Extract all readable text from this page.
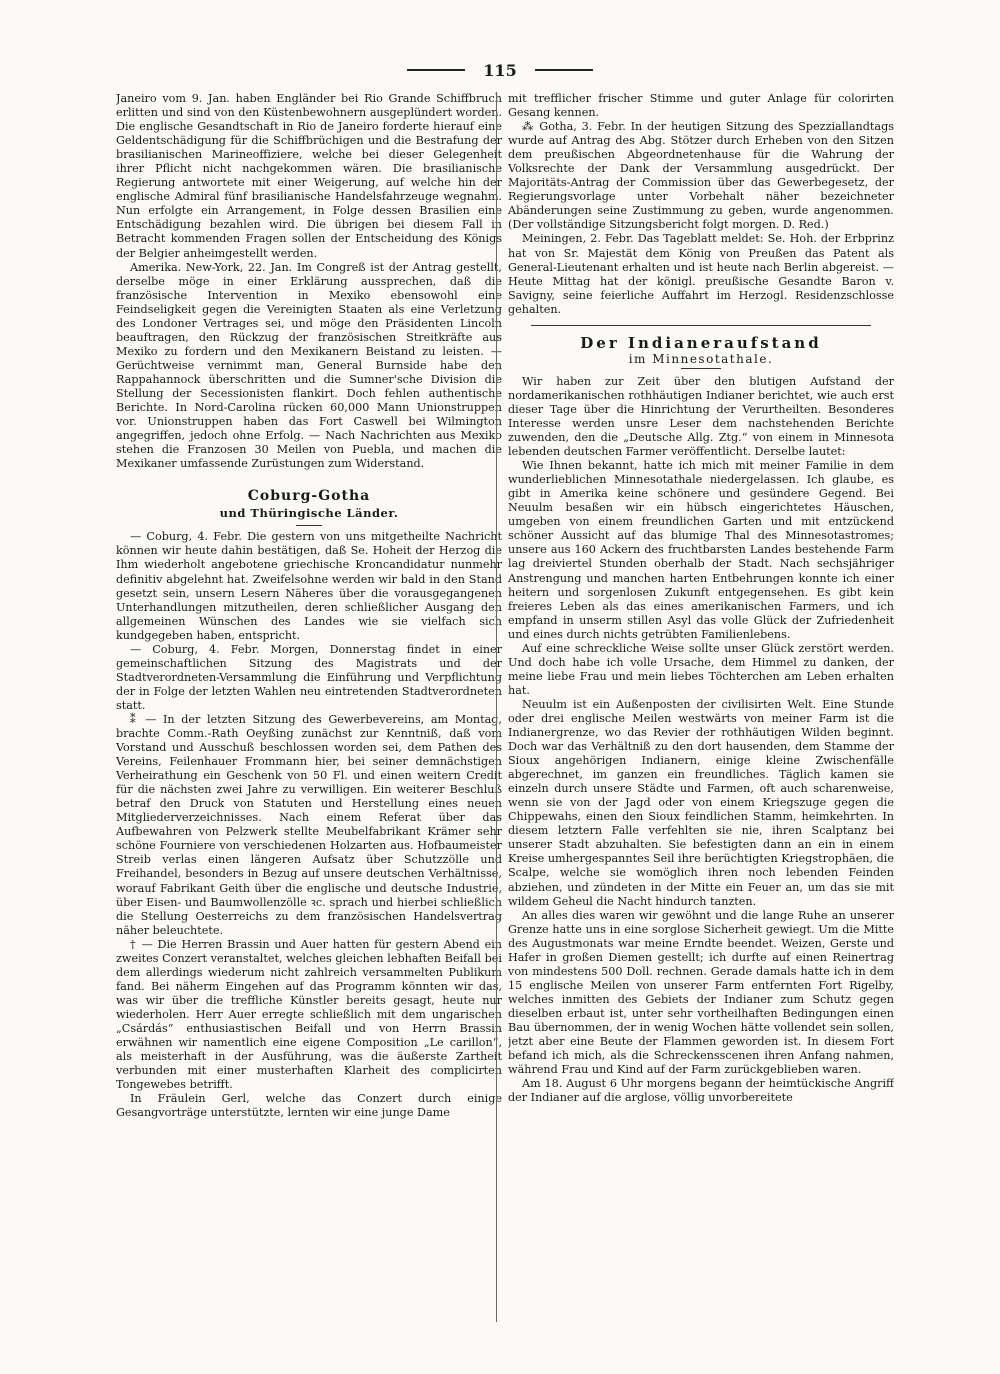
115

Janeiro vom 9. Jan. haben Engländer bei Rio Grande Schiffbruch erlitten und sind von den Küstenbewohnern ausgeplündert worden. Die englische Gesandtschaft in Rio de Janeiro forderte hierauf eine Geldentschädigung für die Schiffbrüchigen und die Bestrafung der brasilianischen Marineoffiziere, welche bei dieser Gelegenheit ihrer Pflicht nicht nachgekommen wären. Die brasilianische Regierung antwortete mit einer Weigerung, auf welche hin der englische Admiral fünf brasilianische Handelsfahrzeuge wegnahm. Nun erfolgte ein Arrangement, in Folge dessen Brasilien eine Entschädigung bezahlen wird. Die übrigen bei diesem Fall in Betracht kommenden Fragen sollen der Entscheidung des Königs der Belgier anheimgestellt werden.

Amerika. New-York, 22. Jan. Im Congreß ist der Antrag gestellt, derselbe möge in einer Erklärung aussprechen, daß die französische Intervention in Mexiko ebensowohl eine Feindseligkeit gegen die Vereinigten Staaten als eine Verletzung des Londoner Vertrages sei, und möge den Präsidenten Lincoln beauftragen, den Rückzug der französischen Streitkräfte aus Mexiko zu fordern und den Mexikanern Beistand zu leisten. — Gerüchtweise vernimmt man, General Burnside habe den Rappahannock überschritten und die Sumner'sche Division die Stellung der Secessionisten flankirt. Doch fehlen authentische Berichte. In Nord-Carolina rücken 60,000 Mann Unionstruppen vor. Unionstruppen haben das Fort Caswell bei Wilmington angegriffen, jedoch ohne Erfolg. — Nach Nachrichten aus Mexiko stehen die Franzosen 30 Meilen von Puebla, und machen die Mexikaner umfassende Zurüstungen zum Widerstand.

Coburg-Gotha
und Thüringische Länder.

— Coburg, 4. Febr. Die gestern von uns mitgetheilte Nachricht können wir heute dahin bestätigen, daß Se. Hoheit der Herzog die Ihm wiederholt angebotene griechische Kroncandidatur nunmehr definitiv abgelehnt hat. Zweifelsohne werden wir bald in den Stand gesetzt sein, unsern Lesern Näheres über die vorausgegangenen Unterhandlungen mitzutheilen, deren schließlicher Ausgang den allgemeinen Wünschen des Landes wie sie vielfach sich kundgegeben haben, entspricht.

— Coburg, 4. Febr. Morgen, Donnerstag findet in einer gemeinschaftlichen Sitzung des Magistrats und der Stadtverordneten-Versammlung die Einführung und Verpflichtung der in Folge der letzten Wahlen neu eintretenden Stadtverordneten statt.

⁑ — In der letzten Sitzung des Gewerbevereins, am Montag, brachte Comm.-Rath Oeyßing zunächst zur Kenntniß, daß vom Vorstand und Ausschuß beschlossen worden sei, dem Pathen des Vereins, Feilenhauer Frommann hier, bei seiner demnächstigen Verheirathung ein Geschenk von 50 Fl. und einen weitern Credit für die nächsten zwei Jahre zu verwilligen. Ein weiterer Beschluß betraf den Druck von Statuten und Herstellung eines neuen Mitgliederverzeichnisses. Nach einem Referat über das Aufbewahren von Pelzwerk stellte Meubelfabrikant Krämer sehr schöne Fourniere von verschiedenen Holzarten aus. Hofbaumeister Streib verlas einen längeren Aufsatz über Schutzzölle und Freihandel, besonders in Bezug auf unsere deutschen Verhältnisse, worauf Fabrikant Geith über die englische und deutsche Industrie, über Eisen- und Baumwollenzölle ꝛc. sprach und hierbei schließlich die Stellung Oesterreichs zu dem französischen Handelsvertrag näher beleuchtete.

† — Die Herren Brassin und Auer hatten für gestern Abend ein zweites Conzert veranstaltet, welches gleichen lebhaften Beifall bei dem allerdings wiederum nicht zahlreich versammelten Publikum fand. Bei näherm Eingehen auf das Programm könnten wir das, was wir über die treffliche Künstler bereits gesagt, heute nur wiederholen. Herr Auer erregte schließlich mit dem ungarischen „Csárdás“ enthusiastischen Beifall und von Herrn Brassin erwähnen wir namentlich eine eigene Composition „Le carillon“, als meisterhaft in der Ausführung, was die äußerste Zartheit verbunden mit einer musterhaften Klarheit des complicirten Tongewebes betrifft.

In Fräulein Gerl, welche das Conzert durch einige Gesangvorträge unterstützte, lernten wir eine junge Dame

mit trefflicher frischer Stimme und guter Anlage für colorirten Gesang kennen.

⁂ Gotha, 3. Febr. In der heutigen Sitzung des Spezziallandtags wurde auf Antrag des Abg. Stötzer durch Erheben von den Sitzen dem preußischen Abgeordnetenhause für die Wahrung der Volksrechte der Dank der Versammlung ausgedrückt. Der Majoritäts-Antrag der Commission über das Gewerbegesetz, der Regierungsvorlage unter Vorbehalt näher bezeichneter Abänderungen seine Zustimmung zu geben, wurde angenommen. (Der vollständige Sitzungsbericht folgt morgen. D. Red.)

Meiningen, 2. Febr. Das Tageblatt meldet: Se. Hoh. der Erbprinz hat von Sr. Majestät dem König von Preußen das Patent als General-Lieutenant erhalten und ist heute nach Berlin abgereist. — Heute Mittag hat der königl. preußische Gesandte Baron v. Savigny, seine feierliche Auffahrt im Herzogl. Residenzschlosse gehalten.

Der Indianeraufstand
im Minnesotathale.

Wir haben zur Zeit über den blutigen Aufstand der nordamerikanischen rothhäutigen Indianer berichtet, wie auch erst dieser Tage über die Hinrichtung der Verurtheilten. Besonderes Interesse werden unsre Leser dem nachstehenden Berichte zuwenden, den die „Deutsche Allg. Ztg.“ von einem in Minnesota lebenden deutschen Farmer veröffentlicht. Derselbe lautet:

Wie Ihnen bekannt, hatte ich mich mit meiner Familie in dem wunderlieblichen Minnesotathale niedergelassen. Ich glaube, es gibt in Amerika keine schönere und gesündere Gegend. Bei Neuulm besaßen wir ein hübsch eingerichtetes Häuschen, umgeben von einem freundlichen Garten und mit entzückend schöner Aussicht auf das blumige Thal des Minnesotastromes; unsere aus 160 Ackern des fruchtbarsten Landes bestehende Farm lag dreiviertel Stunden oberhalb der Stadt. Nach sechsjähriger Anstrengung und manchen harten Entbehrungen konnte ich einer heitern und sorgenlosen Zukunft entgegensehen. Es gibt kein freieres Leben als das eines amerikanischen Farmers, und ich empfand in unserm stillen Asyl das volle Glück der Zufriedenheit und eines durch nichts getrübten Familienlebens.

Auf eine schreckliche Weise sollte unser Glück zerstört werden. Und doch habe ich volle Ursache, dem Himmel zu danken, der meine liebe Frau und mein liebes Töchterchen am Leben erhalten hat.

Neuulm ist ein Außenposten der civilisirten Welt. Eine Stunde oder drei englische Meilen westwärts von meiner Farm ist die Indianergrenze, wo das Revier der rothhäutigen Wilden beginnt. Doch war das Verhältniß zu den dort hausenden, dem Stamme der Sioux angehörigen Indianern, einige kleine Zwischenfälle abgerechnet, im ganzen ein freundliches. Täglich kamen sie einzeln durch unsere Städte und Farmen, oft auch scharenweise, wenn sie von der Jagd oder von einem Kriegszuge gegen die Chippewahs, einen den Sioux feindlichen Stamm, heimkehrten. In diesem letztern Falle verfehlten sie nie, ihren Scalptanz bei unserer Stadt abzuhalten. Sie befestigten dann an ein in einem Kreise umhergespanntes Seil ihre berüchtigten Kriegstrophäen, die Scalpe, welche sie womöglich ihren noch lebenden Feinden abziehen, und zündeten in der Mitte ein Feuer an, um das sie mit wildem Geheul die Nacht hindurch tanzten.

An alles dies waren wir gewöhnt und die lange Ruhe an unserer Grenze hatte uns in eine sorglose Sicherheit gewiegt. Um die Mitte des Augustmonats war meine Erndte beendet. Weizen, Gerste und Hafer in großen Diemen gestellt; ich durfte auf einen Reinertrag von mindestens 500 Doll. rechnen. Gerade damals hatte ich in dem 15 englische Meilen von unserer Farm entfernten Fort Rigelby, welches inmitten des Gebiets der Indianer zum Schutz gegen dieselben erbaut ist, unter sehr vortheilhaften Bedingungen einen Bau übernommen, der in wenig Wochen hätte vollendet sein sollen, jetzt aber eine Beute der Flammen geworden ist. In diesem Fort befand ich mich, als die Schreckensscenen ihren Anfang nahmen, während Frau und Kind auf der Farm zurückgeblieben waren.

Am 18. August 6 Uhr morgens begann der heimtückische Angriff der Indianer auf die arglose, völlig unvorbereitete
